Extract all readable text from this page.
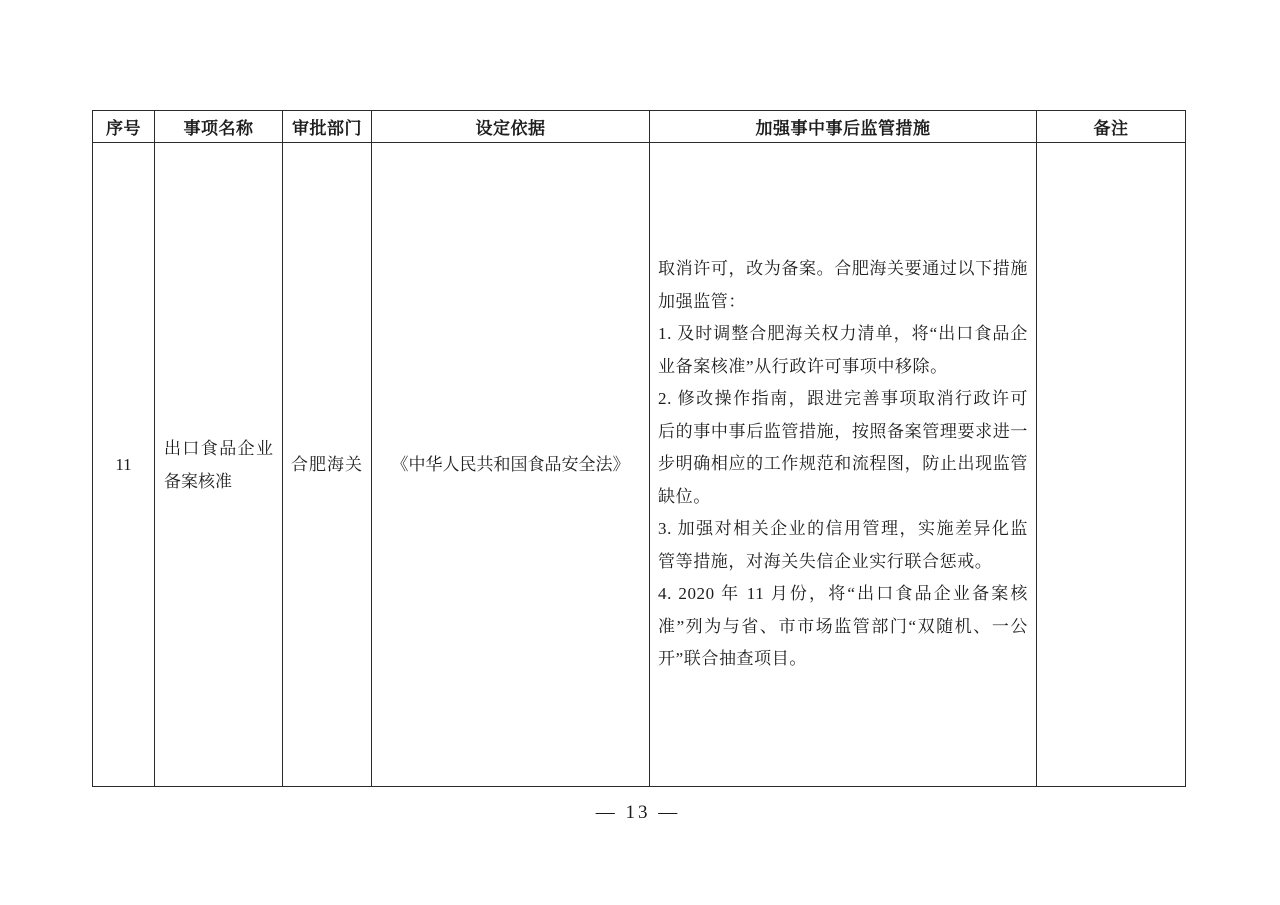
序号	事项名称	审批部门	设定依据	加强事中事后监管措施	备注
11	出口食品企业备案核准	合肥海关	《中华人民共和国食品安全法》	取消许可，改为备案。合肥海关要通过以下措施加强监管：

1. 及时调整合肥海关权力清单，将“出口食品企业备案核准”从行政许可事项中移除。

2. 修改操作指南，跟进完善事项取消行政许可后的事中事后监管措施，按照备案管理要求进一步明确相应的工作规范和流程图，防止出现监管缺位。

3. 加强对相关企业的信用管理，实施差异化监管等措施，对海关失信企业实行联合惩戒。

4. 2020 年 11 月份，将“出口食品企业备案核准”列为与省、市市场监管部门“双随机、一公开”联合抽查项目。	

— 13 —
